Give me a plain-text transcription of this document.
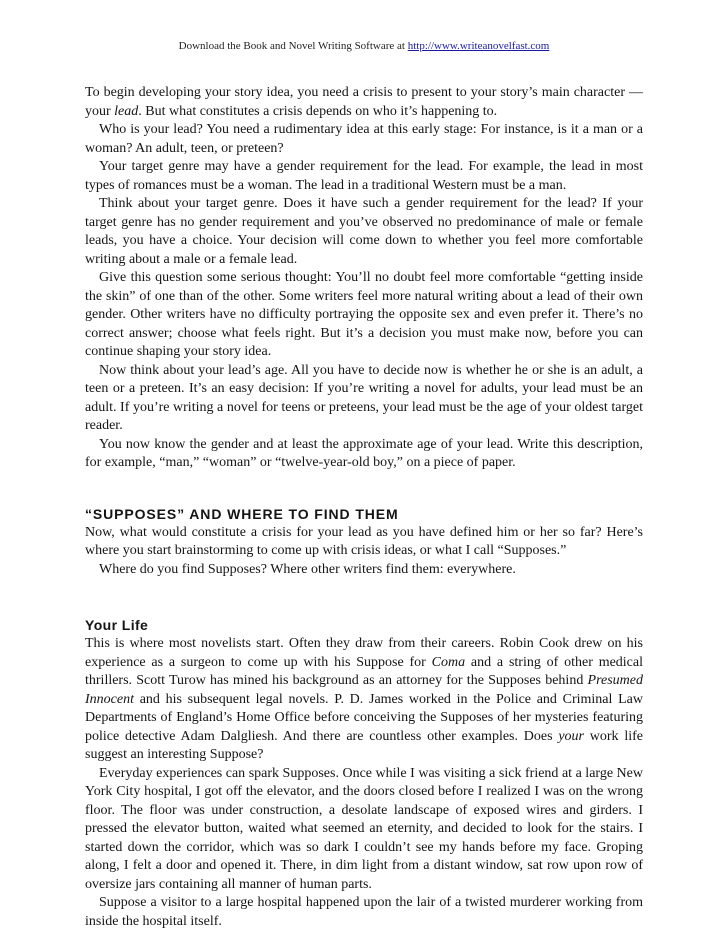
Download the Book and Novel Writing Software at http://www.writeanovelfast.com

To begin developing your story idea, you need a crisis to present to your story’s main character —your lead. But what constitutes a crisis depends on who it’s happening to.

Who is your lead? You need a rudimentary idea at this early stage: For instance, is it a man or a woman? An adult, teen, or preteen?

Your target genre may have a gender requirement for the lead. For example, the lead in most types of romances must be a woman. The lead in a traditional Western must be a man.

Think about your target genre. Does it have such a gender requirement for the lead? If your target genre has no gender requirement and you’ve observed no predominance of male or female leads, you have a choice. Your decision will come down to whether you feel more comfortable writing about a male or a female lead.

Give this question some serious thought: You’ll no doubt feel more comfortable “getting inside the skin” of one than of the other. Some writers feel more natural writing about a lead of their own gender. Other writers have no difficulty portraying the opposite sex and even prefer it. There’s no correct answer; choose what feels right. But it’s a decision you must make now, before you can continue shaping your story idea.

Now think about your lead’s age. All you have to decide now is whether he or she is an adult, a teen or a preteen. It’s an easy decision: If you’re writing a novel for adults, your lead must be an adult. If you’re writing a novel for teens or preteens, your lead must be the age of your oldest target reader.

You now know the gender and at least the approximate age of your lead. Write this description, for example, “man,” “woman” or “twelve-year-old boy,” on a piece of paper.

“SUPPOSES” AND WHERE TO FIND THEM

Now, what would constitute a crisis for your lead as you have defined him or her so far? Here’s where you start brainstorming to come up with crisis ideas, or what I call “Supposes.”

Where do you find Supposes? Where other writers find them: everywhere.

Your Life

This is where most novelists start. Often they draw from their careers. Robin Cook drew on his experience as a surgeon to come up with his Suppose for Coma and a string of other medical thrillers. Scott Turow has mined his background as an attorney for the Supposes behind Presumed Innocent and his subsequent legal novels. P. D. James worked in the Police and Criminal Law Departments of England’s Home Office before conceiving the Supposes of her mysteries featuring police detective Adam Dalgliesh. And there are countless other examples. Does your work life suggest an interesting Suppose?

Everyday experiences can spark Supposes. Once while I was visiting a sick friend at a large New York City hospital, I got off the elevator, and the doors closed before I realized I was on the wrong floor. The floor was under construction, a desolate landscape of exposed wires and girders. I pressed the elevator button, waited what seemed an eternity, and decided to look for the stairs. I started down the corridor, which was so dark I couldn’t see my hands before my face. Groping along, I felt a door and opened it. There, in dim light from a distant window, sat row upon row of oversize jars containing all manner of human parts.

Suppose a visitor to a large hospital happened upon the lair of a twisted murderer working from inside the hospital itself.
